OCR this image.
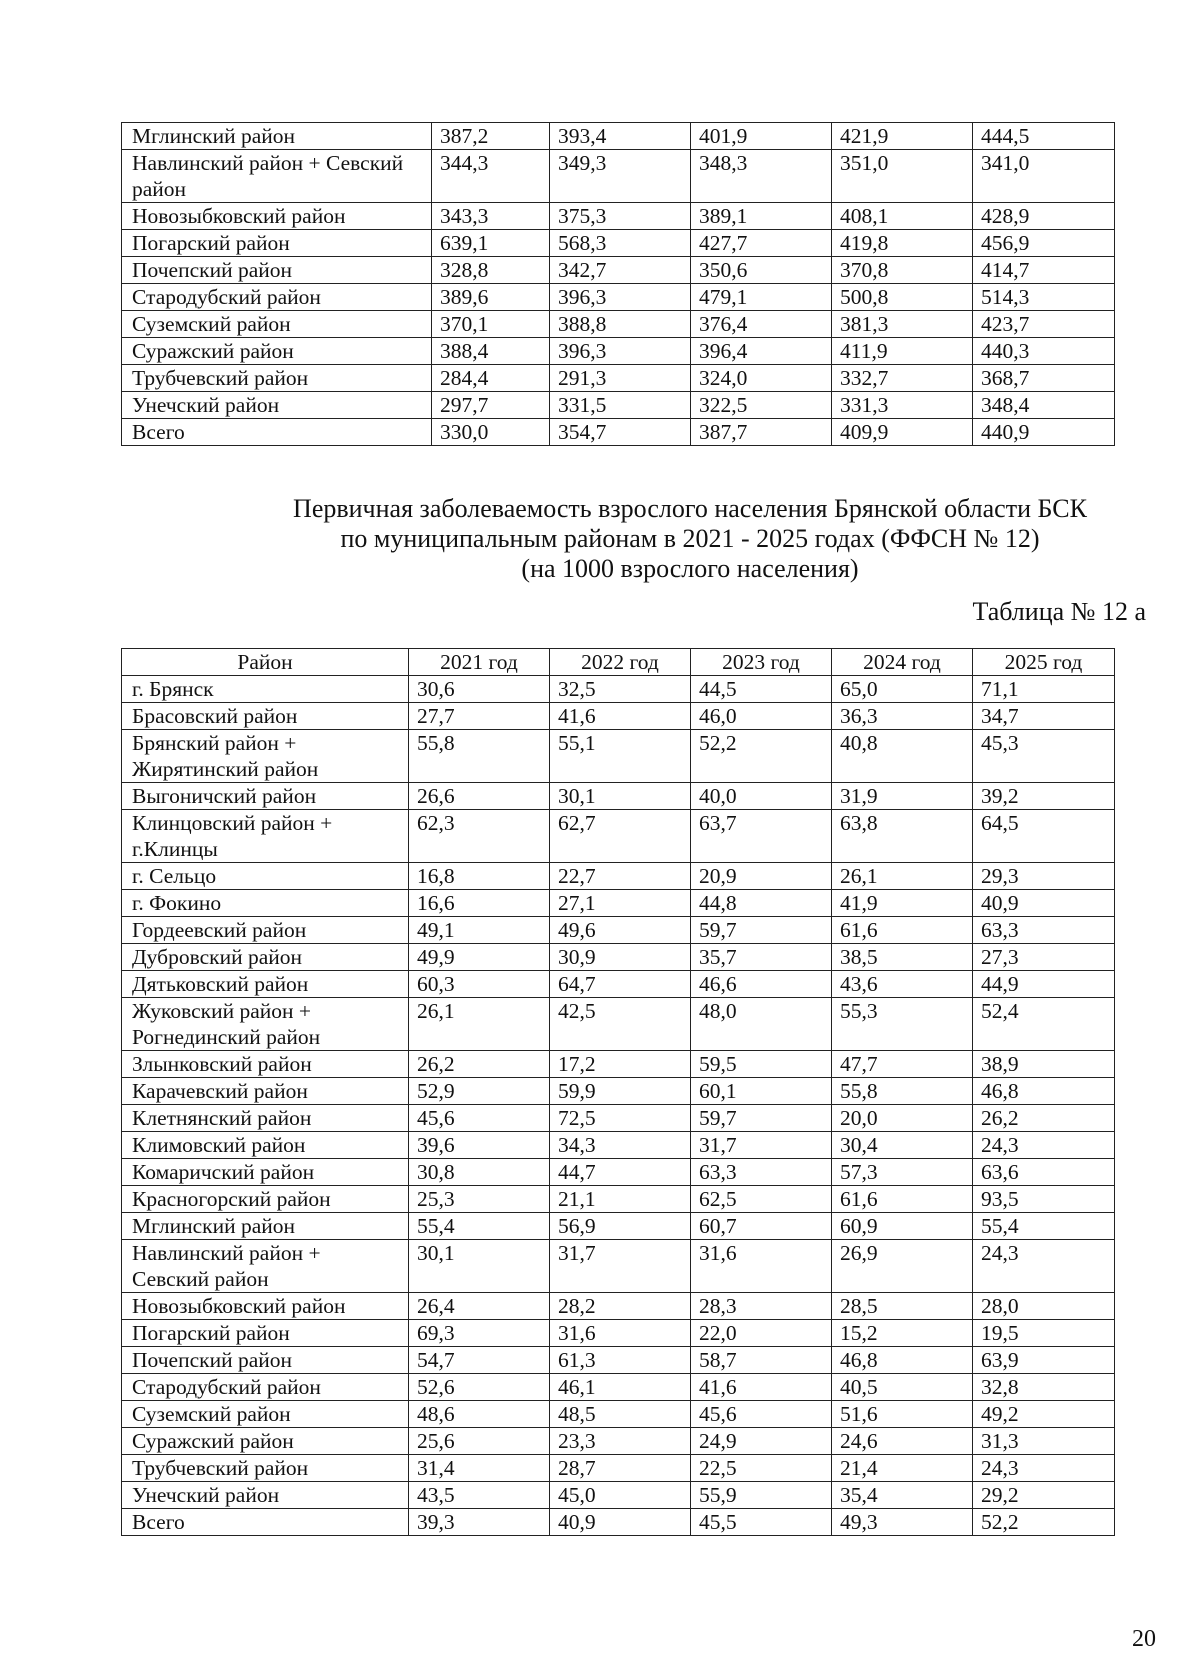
Мглинский район	387,2	393,4	401,9	421,9	444,5
Навлинский район + Севский район	344,3	349,3	348,3	351,0	341,0
Новозыбковский район	343,3	375,3	389,1	408,1	428,9
Погарский район	639,1	568,3	427,7	419,8	456,9
Почепский район	328,8	342,7	350,6	370,8	414,7
Стародубский район	389,6	396,3	479,1	500,8	514,3
Суземский район	370,1	388,8	376,4	381,3	423,7
Суражский район	388,4	396,3	396,4	411,9	440,3
Трубчевский район	284,4	291,3	324,0	332,7	368,7
Унечский район	297,7	331,5	322,5	331,3	348,4
Всего	330,0	354,7	387,7	409,9	440,9
Первичная заболеваемость взрослого населения Брянской области БСК
по муниципальным районам в 2021 - 2025 годах (ФФСН № 12)
(на 1000 взрослого населения)
Таблица № 12 а
Район	2021 год	2022 год	2023 год	2024 год	2025 год
г. Брянск	30,6	32,5	44,5	65,0	71,1
Брасовский район	27,7	41,6	46,0	36,3	34,7
Брянский район + Жирятинский район	55,8	55,1	52,2	40,8	45,3
Выгоничский район	26,6	30,1	40,0	31,9	39,2
Клинцовский район + г.Клинцы	62,3	62,7	63,7	63,8	64,5
г. Сельцо	16,8	22,7	20,9	26,1	29,3
г. Фокино	16,6	27,1	44,8	41,9	40,9
Гордеевский район	49,1	49,6	59,7	61,6	63,3
Дубровский район	49,9	30,9	35,7	38,5	27,3
Дятьковский район	60,3	64,7	46,6	43,6	44,9
Жуковский район + Рогнединский район	26,1	42,5	48,0	55,3	52,4
Злынковский район	26,2	17,2	59,5	47,7	38,9
Карачевский район	52,9	59,9	60,1	55,8	46,8
Клетнянский район	45,6	72,5	59,7	20,0	26,2
Климовский район	39,6	34,3	31,7	30,4	24,3
Комаричский район	30,8	44,7	63,3	57,3	63,6
Красногорский район	25,3	21,1	62,5	61,6	93,5
Мглинский район	55,4	56,9	60,7	60,9	55,4
Навлинский район + Севский район	30,1	31,7	31,6	26,9	24,3
Новозыбковский район	26,4	28,2	28,3	28,5	28,0
Погарский район	69,3	31,6	22,0	15,2	19,5
Почепский район	54,7	61,3	58,7	46,8	63,9
Стародубский район	52,6	46,1	41,6	40,5	32,8
Суземский район	48,6	48,5	45,6	51,6	49,2
Суражский район	25,6	23,3	24,9	24,6	31,3
Трубчевский район	31,4	28,7	22,5	21,4	24,3
Унечский район	43,5	45,0	55,9	35,4	29,2
Всего	39,3	40,9	45,5	49,3	52,2
20
